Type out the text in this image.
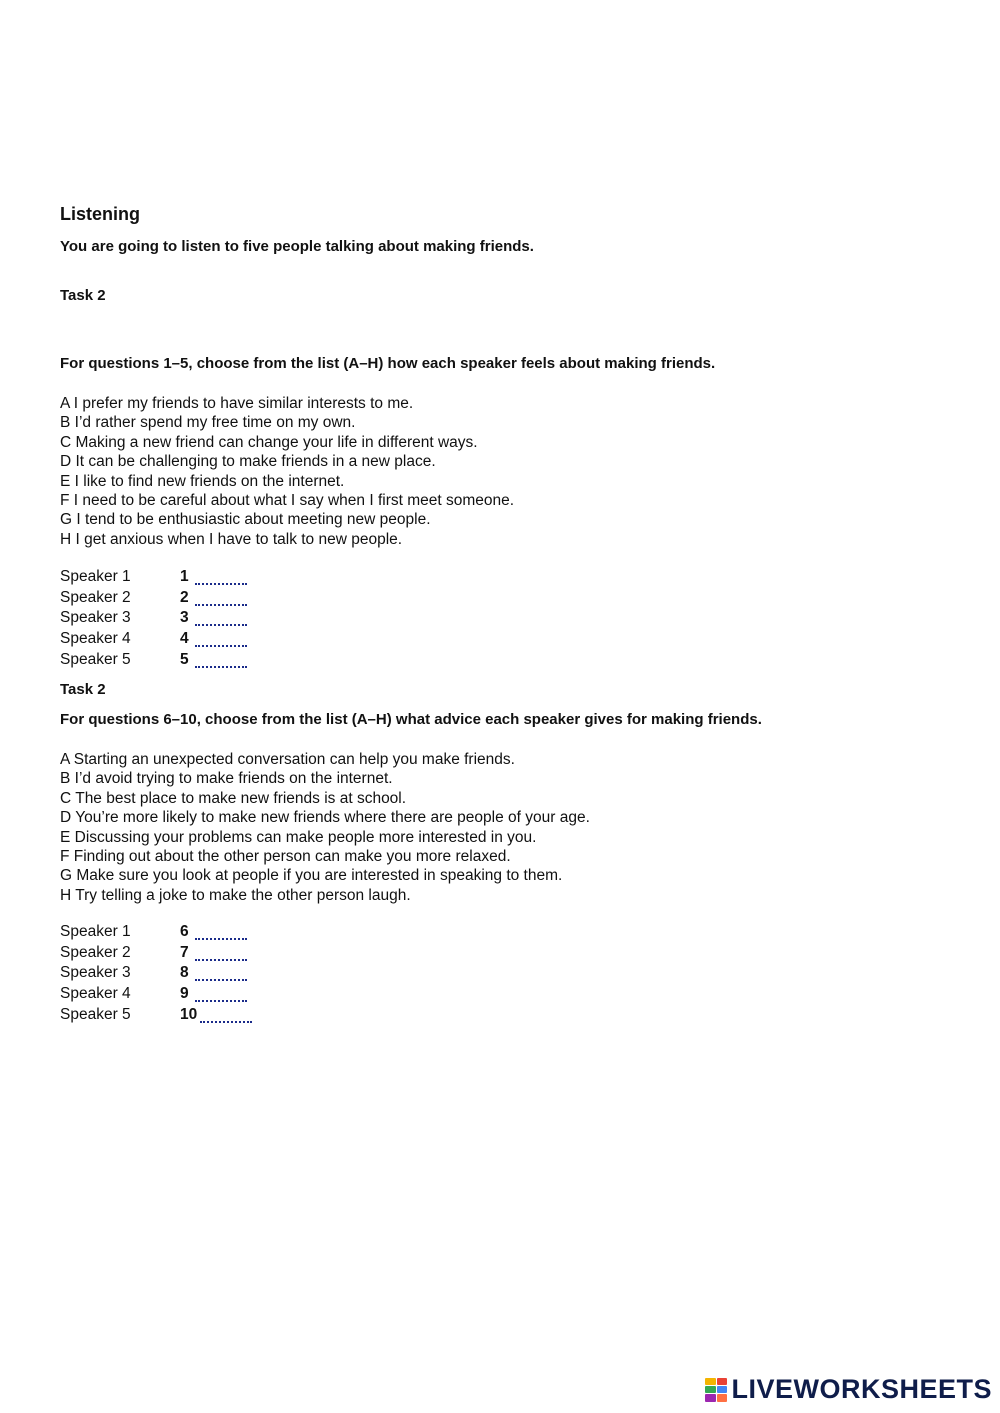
Listening
You are going to listen to five people talking about making friends.
Task 2
For questions 1–5, choose from the list (A–H) how each speaker feels about making friends.
A I prefer my friends to have similar interests to me.
B I’d rather spend my free time on my own.
C Making a new friend can change your life in different ways.
D It can be challenging to make friends in a new place.
E I like to find new friends on the internet.
F I need to be careful about what I say when I first meet someone.
G I tend to be enthusiastic about meeting new people.
H I get anxious when I have to talk to new people.
Speaker 1	1
Speaker 2	2
Speaker 3	3
Speaker 4	4
Speaker 5	5
Task 2
For questions 6–10, choose from the list (A–H) what advice each speaker gives for making friends.
A Starting an unexpected conversation can help you make friends.
B I’d avoid trying to make friends on the internet.
C The best place to make new friends is at school.
D You’re more likely to make new friends where there are people of your age.
E Discussing your problems can make people more interested in you.
F Finding out about the other person can make you more relaxed.
G Make sure you look at people if you are interested in speaking to them.
H Try telling a joke to make the other person laugh.
Speaker 1	6
Speaker 2	7
Speaker 3	8
Speaker 4	9
Speaker 5	10
LIVEWORKSHEETS
